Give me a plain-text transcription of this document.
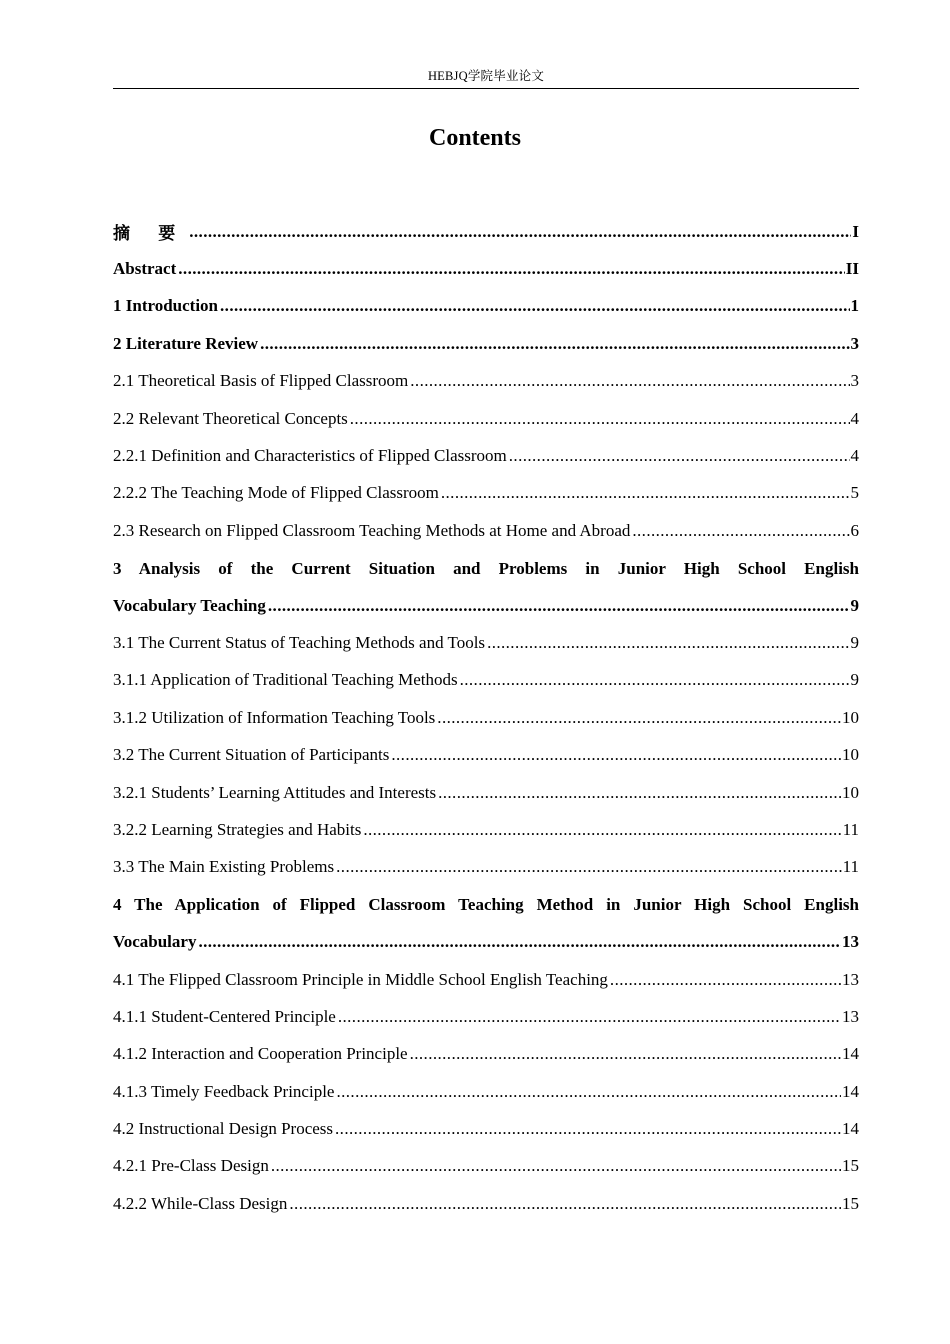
HEBJQ学院毕业论文
Contents
摘 要 .....	I
Abstract .....	II
1 Introduction .....	1
2 Literature Review .....	3
2.1 Theoretical Basis of Flipped Classroom .....	3
2.2 Relevant Theoretical Concepts .....	4
2.2.1 Definition and Characteristics of Flipped Classroom .....	4
2.2.2 The Teaching Mode of Flipped Classroom .....	5
2.3 Research on Flipped Classroom Teaching Methods at Home and Abroad .....	6
3 Analysis of the Current Situation and Problems in Junior High School English
Vocabulary Teaching .....	9
3.1 The Current Status of Teaching Methods and Tools .....	9
3.1.1 Application of Traditional Teaching Methods .....	9
3.1.2 Utilization of Information Teaching Tools .....	10
3.2 The Current Situation of Participants .....	10
3.2.1 Students’ Learning Attitudes and Interests .....	10
3.2.2 Learning Strategies and Habits .....	11
3.3 The Main Existing Problems .....	11
4 The Application of Flipped Classroom Teaching Method in Junior High School English
Vocabulary .....	13
4.1 The Flipped Classroom Principle in Middle School English Teaching .....	13
4.1.1 Student-Centered Principle .....	13
4.1.2 Interaction and Cooperation Principle .....	14
4.1.3 Timely Feedback Principle .....	14
4.2 Instructional Design Process .....	14
4.2.1 Pre-Class Design .....	15
4.2.2 While-Class Design .....	15
